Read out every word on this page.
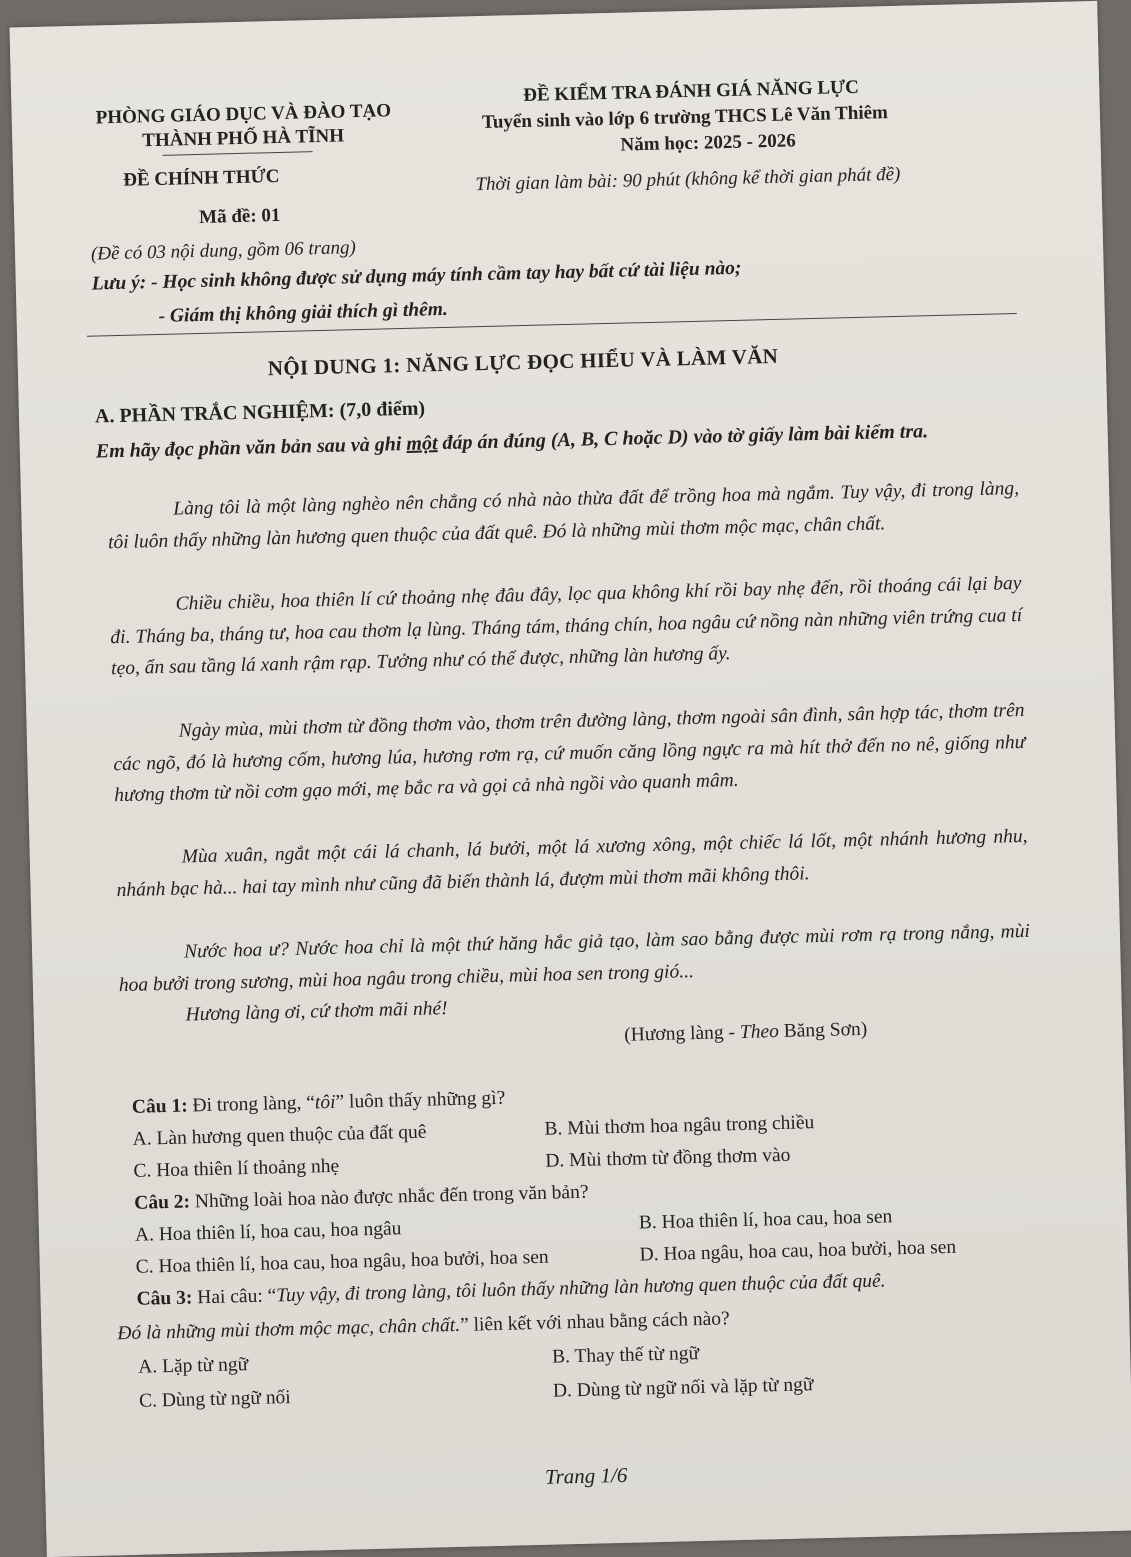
PHÒNG GIÁO DỤC VÀ ĐÀO TẠO
THÀNH PHỐ HÀ TĨNH
ĐỀ CHÍNH THỨC
Mã đề: 01
ĐỀ KIỂM TRA ĐÁNH GIÁ NĂNG LỰC
Tuyển sinh vào lớp 6 trường THCS Lê Văn Thiêm
Năm học: 2025 - 2026
Thời gian làm bài: 90 phút (không kể thời gian phát đề)
(Đề có 03 nội dung, gồm 06 trang)
Lưu ý: - Học sinh không được sử dụng máy tính cầm tay hay bất cứ tài liệu nào;
- Giám thị không giải thích gì thêm.
NỘI DUNG 1: NĂNG LỰC ĐỌC HIỂU VÀ LÀM VĂN
A. PHẦN TRẮC NGHIỆM: (7,0 điểm)
Em hãy đọc phần văn bản sau và ghi một đáp án đúng (A, B, C hoặc D) vào tờ giấy làm bài kiểm tra.
Làng tôi là một làng nghèo nên chẳng có nhà nào thừa đất để trồng hoa mà ngắm. Tuy vậy, đi trong làng, tôi luôn thấy những làn hương quen thuộc của đất quê. Đó là những mùi thơm mộc mạc, chân chất.
Chiều chiều, hoa thiên lí cứ thoảng nhẹ đâu đây, lọc qua không khí rồi bay nhẹ đến, rồi thoáng cái lại bay đi. Tháng ba, tháng tư, hoa cau thơm lạ lùng. Tháng tám, tháng chín, hoa ngâu cứ nồng nàn những viên trứng cua tí tẹo, ẩn sau tầng lá xanh rậm rạp. Tưởng như có thể được, những làn hương ấy.
Ngày mùa, mùi thơm từ đồng thơm vào, thơm trên đường làng, thơm ngoài sân đình, sân hợp tác, thơm trên các ngõ, đó là hương cốm, hương lúa, hương rơm rạ, cứ muốn căng lồng ngực ra mà hít thở đến no nê, giống như hương thơm từ nồi cơm gạo mới, mẹ bắc ra và gọi cả nhà ngồi vào quanh mâm.
Mùa xuân, ngắt một cái lá chanh, lá bưởi, một lá xương xông, một chiếc lá lốt, một nhánh hương nhu, nhánh bạc hà... hai tay mình như cũng đã biến thành lá, đượm mùi thơm mãi không thôi.
Nước hoa ư? Nước hoa chỉ là một thứ hăng hắc giả tạo, làm sao bằng được mùi rơm rạ trong nắng, mùi hoa bưởi trong sương, mùi hoa ngâu trong chiều, mùi hoa sen trong gió...
Hương làng ơi, cứ thơm mãi nhé!
(Hương làng - Theo Băng Sơn)
Câu 1: Đi trong làng, “tôi” luôn thấy những gì?
A. Làn hương quen thuộc của đất quê	B. Mùi thơm hoa ngâu trong chiều
C. Hoa thiên lí thoảng nhẹ	D. Mùi thơm từ đồng thơm vào
Câu 2: Những loài hoa nào được nhắc đến trong văn bản?
A. Hoa thiên lí, hoa cau, hoa ngâu	B. Hoa thiên lí, hoa cau, hoa sen
C. Hoa thiên lí, hoa cau, hoa ngâu, hoa bưởi, hoa sen	D. Hoa ngâu, hoa cau, hoa bưởi, hoa sen
Câu 3: Hai câu: “Tuy vậy, đi trong làng, tôi luôn thấy những làn hương quen thuộc của đất quê.
Đó là những mùi thơm mộc mạc, chân chất.” liên kết với nhau bằng cách nào?
A. Lặp từ ngữ	B. Thay thế từ ngữ
C. Dùng từ ngữ nối	D. Dùng từ ngữ nối và lặp từ ngữ
Trang 1/6
